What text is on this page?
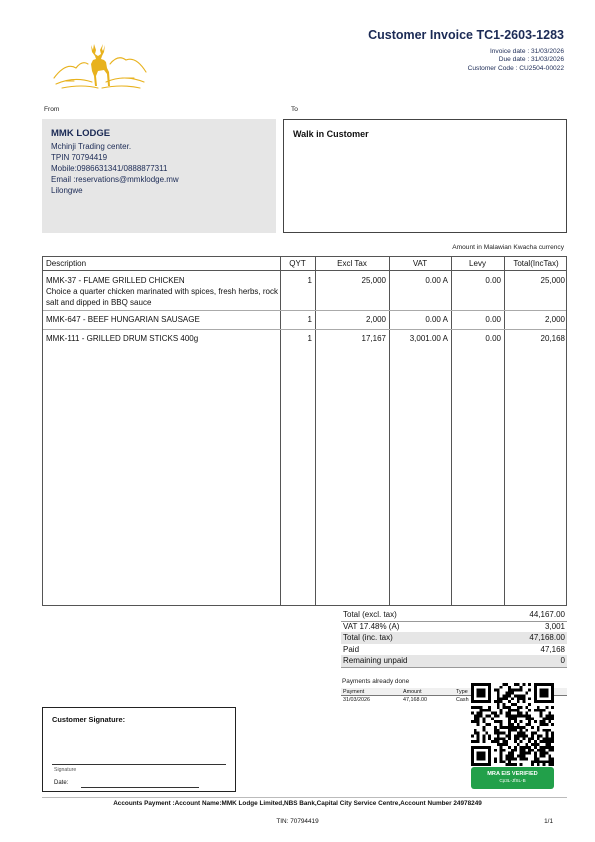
Customer Invoice TC1-2603-1283
Invoice date : 31/03/2026
Due date : 31/03/2026
Customer Code : CU2504-00022
From	To
MMK LODGE
Mchinji Trading center.
TPIN 70794419
Mobile:0986631341/0888877311
Email :reservations@mmklodge.mw
Lilongwe
Walk in Customer
Amount in Malawian Kwacha currency
Description	QYT	Excl Tax	VAT	Levy	Total(IncTax)
MMK-37 - FLAME GRILLED CHICKEN
Choice a quarter chicken marinated with spices, fresh herbs, rock salt and dipped in BBQ sauce
1	25,000	0.00 A	0.00	25,000
MMK-647 - BEEF HUNGARIAN SAUSAGE	1	2,000	0.00 A	0.00	2,000
MMK-111 - GRILLED DRUM STICKS 400g	1	17,167	3,001.00 A	0.00	20,168
Total (excl. tax)	44,167.00
VAT 17.48% (A)	3,001
Total (inc. tax)	47,168.00
Paid	47,168
Remaining unpaid	0
Payments already done
Payment	Amount	Type
31/03/2026	47,168.00	Cash
MRA EIS VERIFIED
Cp3L-JfSL-B
Customer Signature:
Signature
Date:
Accounts Payment :Account Name:MMK Lodge Limited,NBS Bank,Capital City Service Centre,Account Number 24978249
TIN: 70794419	1/1
